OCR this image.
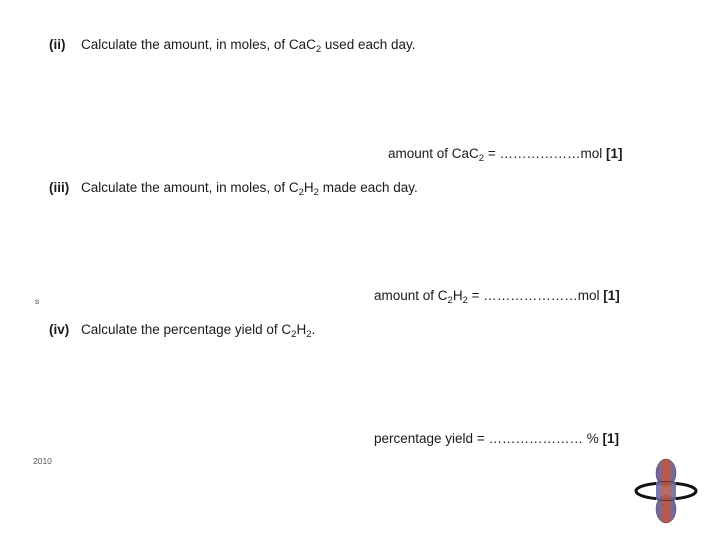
(ii) Calculate the amount, in moles, of CaC$_2$ used each day.
amount of CaC$_2$ = ………………mol [1]
(iii) Calculate the amount, in moles, of $C_2H_2$ made each day.
s	amount of $C_2H_2$ = …………………mol [1]
(iv) Calculate the percentage yield of $C_2H_2$.
percentage yield = ………………… % [1]
2010
